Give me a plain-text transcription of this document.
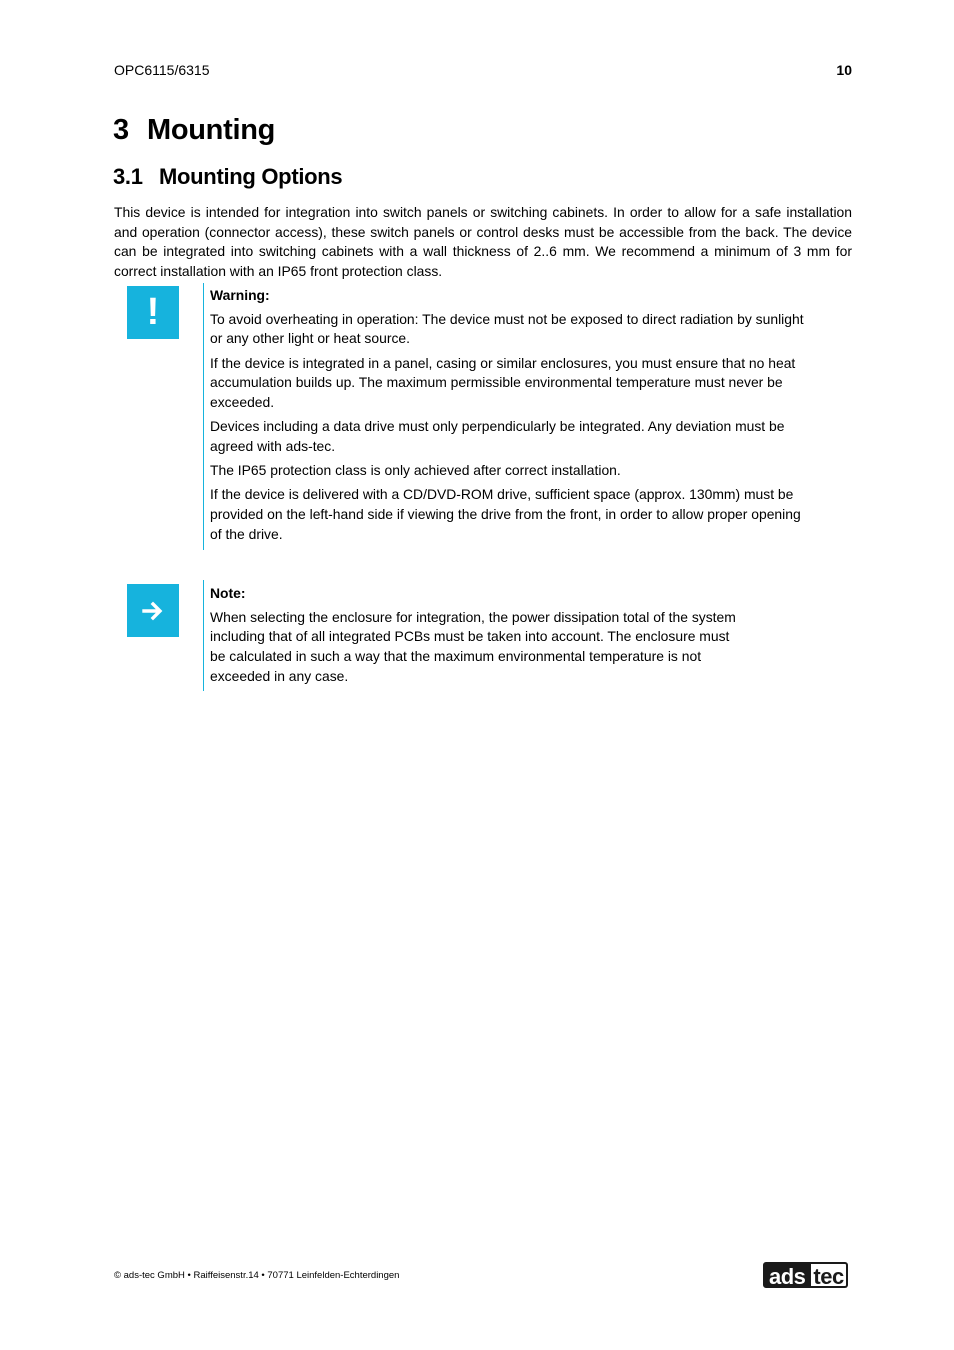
OPC6115/6315	10
3 Mounting
3.1 Mounting Options

This device is intended for integration into switch panels or switching cabinets. In order to allow for a safe installation and operation (connector access), these switch panels or control desks must be accessible from the back. The device can be integrated into switching cabinets with a wall thickness of 2..6 mm. We recommend a minimum of 3 mm for correct installation with an IP65 front protection class.

!	Warning:

To avoid overheating in operation: The device must not be exposed to direct radiation by sunlight or any other light or heat source.

If the device is integrated in a panel, casing or similar enclosures, you must ensure that no heat accumulation builds up. The maximum permissible environmental temperature must never be exceeded.

Devices including a data drive must only perpendicularly be integrated. Any deviation must be agreed with ads-tec.

The IP65 protection class is only achieved after correct installation.

If the device is delivered with a CD/DVD-ROM drive, sufficient space (approx. 130mm) must be provided on the left-hand side if viewing the drive from the front, in order to allow proper opening of the drive.

Note:

When selecting the enclosure for integration, the power dissipation total of the system including that of all integrated PCBs must be taken into account. The enclosure must be calculated in such a way that the maximum environmental temperature is not exceeded in any case.

© ads-tec GmbH • Raiffeisenstr.14 • 70771 Leinfelden-Echterdingen	ads tec
